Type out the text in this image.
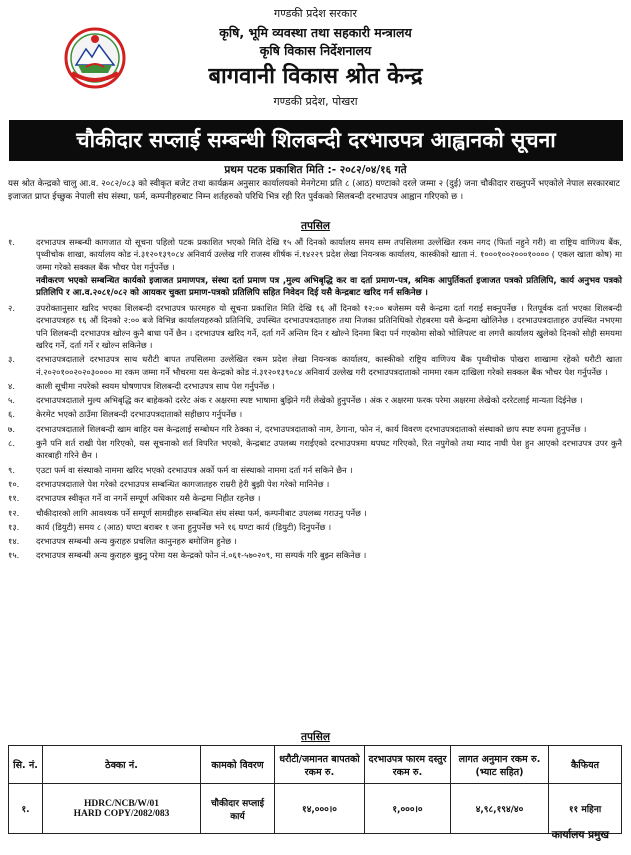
गण्डकी प्रदेश सरकार
कृषि, भूमि व्यवस्था तथा सहकारी मन्त्रालय
कृषि विकास निर्देशनालय
बागवानी विकास श्रोत केन्द्र
गण्डकी प्रदेश, पोखरा
चौकीदार सप्लाई सम्बन्धी शिलबन्दी दरभाउपत्र आह्वानको सूचना
प्रथम पटक प्रकाशित मिति :- २०८२/०४/१६ गते

यस श्रोत केन्द्रको चालु आ.व. २०८२/०८३ को स्वीकृत बजेट तथा कार्यक्रम अनुसार कार्यालयको मेनगेटमा प्रति ८ (आठ) घण्टाको दरले जम्मा २ (दुई) जना चौकीदार राख्नुपर्ने भएकोले नेपाल सरकारबाट इजाजत प्राप्त ईच्छुक नेपाली संघ संस्था, फर्म, कम्पनीहरुबाट निम्न शर्तहरुको परिधि भित्र रही रित पुर्वकको सिलबन्दी दरभाउपत्र आह्वान गरिएको छ ।

तपसिल
१.	दरभाउपत्र सम्बन्धी कागजात यो सूचना पहिलो पटक प्रकाशित भएको मिति देखि १५ औं दिनको कार्यालय समय सम्म तपसिलमा उल्लेखित रकम नगद (फिर्ता नहुने गरी) वा राष्ट्रिय वाणिज्य बैंक, पृथ्वीचोक शाखा, कार्यालय कोड नं.३१२०१३९०८४ अनिवार्य उल्लेख गरि राजस्व शीर्षक नं.१४२२९ प्रदेश लेखा नियन्त्रक कार्यालय, कास्कीको खाता नं. १०००१००२०००१०००० ( एकल खाता कोष) मा जम्मा गरेको सक्कल बैंक भौचर पेश गर्नुपर्नेछ ।
नवीकरण भएको सम्बन्धित कार्यको इजाजत प्रमाणपत्र, संस्था दर्ता प्रमाण पत्र ,मुल्य अभिबृद्धि कर वा दर्ता प्रमाण-पत्र, श्रमिक आपुर्तिकर्ता इजाजत पत्रको प्रतिलिपि, कार्य अनुभव पत्रको प्रतिलिपि र आ.व.२०८१/०८२ को आयकर चुक्ता प्रमाण-पत्रको प्रतिलिपि सहित निवेदन दिई यसै केन्द्रबाट खरिद गर्न सकिनेछ ।
२.	उपरोक्तानुसार खरिद भएका शिलबन्दी दरभाउपत्र फारमहरु यो सूचना प्रकाशित मिति देखि १६ औं दिनको १२:०० बजेसम्म यसै केन्द्रमा दर्ता गराई सक्नुपर्नेछ । रितपूर्वक दर्ता भएका शिलबन्दी दरभाउपत्रहरु १६ औं दिनको २:०० बजे विभिन्न कार्यालयहरुको प्रतिनिधि, उपस्थित दरभाउपत्रदाताहरु तथा निजका प्रतिनिधिको रोहबरमा यसै केन्द्रमा खोलिनेछ । दरभाउपत्रदाताहरु उपस्थित नभएमा पनि शिलबन्दी दरभाउपत्र खोल्न कुनै बाधा पर्ने छैन । दरभाउपत्र खरिद गर्ने, दर्ता गर्ने अन्तिम दिन र खोल्ने दिनमा बिदा पर्न गएकोमा सोको भोलिपल्ट वा लगत्तै कार्यालय खुलेको दिनको सोही समयमा खरिद गर्ने, दर्ता गर्ने र खोल्न सकिनेछ ।
३.	दरभाउपत्रदाताले दरभाउपत्र साथ धरौटी बापत तपसिलमा उल्लेखित रकम प्रदेश लेखा नियन्त्रक कार्यालय, कास्कीको राष्ट्रिय वाणिज्य बैंक पृथ्वीचोक पोखरा शाखामा रहेको धरौटी खाता नं.२०२०१००२०२०३०००० मा रकम जम्मा गर्ने भौचरमा यस केन्द्रको कोड नं.३१२०१३९०८४ अनिवार्य उल्लेख गरी दरभाउपत्रदाताको नाममा रकम दाखिला गरेको सक्कल बैंक भौचर पेश गर्नुपर्नेछ ।
४.	काली सूचीमा नपरेको स्वयम घोषणापत्र शिलबन्दी दरभाउपत्र साथ पेश गर्नुपर्नेछ ।
५.	दरभाउपत्रदाताले मुल्य अभिबृद्धि कर बाहेकको दररेट अंक र अक्षरमा स्पष्ट भाषामा बुझिने गरी लेखेको हुनुपर्नेछ । अंक र अक्षरमा फरक परेमा अक्षरमा लेखेको दररेटलाई मान्यता दिईनेछ ।
६.	केरमेट भएको ठाउँमा शिलबन्दी दरभाउपत्रदाताको सहीछाप गर्नुपर्नेछ ।
७.	दरभाउपत्रदाताले शिलबन्दी खाम बाहिर यस केन्द्रलाई सम्बोधन गरि ठेक्का नं, दरभाउपत्रदाताको नाम, ठेगाना, फोन नं, कार्य विवरण दरभाउपत्रदाताको संस्थाको छाप स्पष्ट रुपमा हुनुपर्नेछ ।
८.	कुनै पनि शर्त राखी पेश गरिएको, यस सूचनाको शर्त विपरित भएको, केन्द्रबाट उपलब्ध गराईएको दरभाउपत्रमा थपघट गरिएको, रित नपुगेको तथा म्याद नाघी पेश हुन आएको दरभाउपत्र उपर कुनै कारबाही गरिने छैन ।
९.	एउटा फर्म वा संस्थाको नाममा खरिद भएको दरभाउपत्र अर्को फर्म वा संस्थाको नाममा दर्ता गर्न सकिने छैन ।
१०.	दरभाउपत्रदाताले पेश गरेको दरभाउपत्र सम्बन्धित कागजातहरु राम्ररी हेरी बुझी पेश गरेको मानिनेछ ।
११.	दरभाउपत्र स्वीकृत गर्ने वा नगर्ने सम्पूर्ण अधिकार यसै केन्द्रमा निहीत रहनेछ ।
१२.	चौकीदारको लागि आवश्यक पर्ने सम्पूर्ण सामग्रीहरु सम्बन्धित संघ संस्था फर्म, कम्पनीबाट उपलब्ध गराउनु पर्नेछ ।
१३.	कार्य (डियुटी) समय ८ (आठ) घण्टा बराबर १ जना हुनुपर्नेछ भने १६ घण्टा कार्य (डियुटी) दिनुपर्नेछ ।
१४.	दरभाउपत्र सम्बन्धी अन्य कुराहरु प्रचलित कानुनहरु बमोजिम हुनेछ ।
१५.	दरभाउपत्र सम्बन्धी अन्य कुराहरु बुझ्नु परेमा यस केन्द्रको फोन नं.०६१-५७०२०९, मा सम्पर्क गरि बुझ्न सकिनेछ ।
तपसिल
सि. नं.	ठेक्का नं.	कामको विवरण	धरौटी/जमानत बापतको रकम रु.	दरभाउपत्र फारम दस्तुर रकम रु.	लागत अनुमान रकम रु.(भ्याट सहित)	कैफियत
१.	HDRC/NCB/W/01
HARD COPY/2082/083	चौकीदार सप्लाई कार्य	१४,०००।०	१,०००।०	४,९८,१९४/४०	११ महिना
कार्यालय प्रमुख
